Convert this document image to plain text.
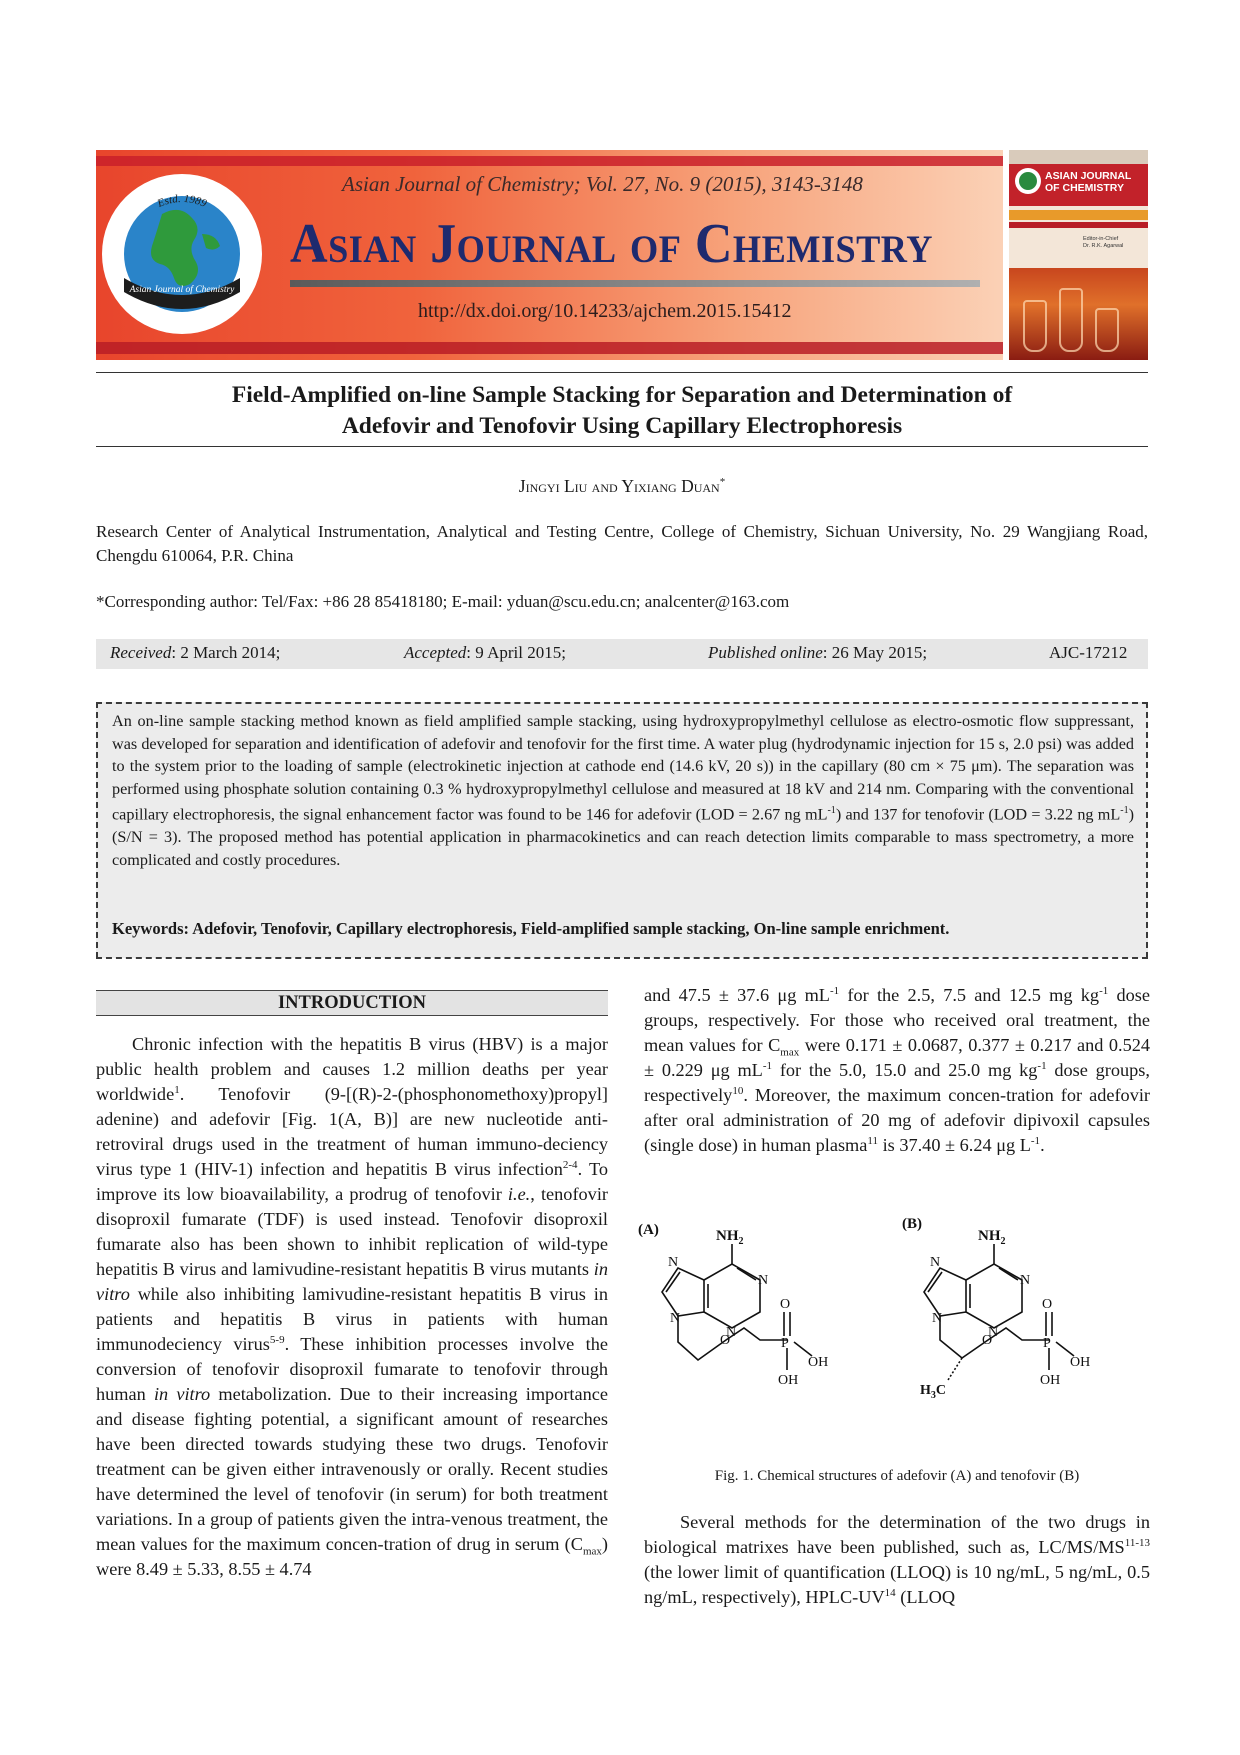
Estd. 1989
Asian Journal of Chemistry
Asian Journal of Chemistry; Vol. 27, No. 9 (2015), 3143-3148
Asian Journal of Chemistry
http://dx.doi.org/10.14233/ajchem.2015.15412
ASIAN JOURNAL
OF CHEMISTRY
Editor-in-Chief
Dr. R.K. Agarwal
Field-Amplified on-line Sample Stacking for Separation and Determination of
Adefovir and Tenofovir Using Capillary Electrophoresis
Jingyi Liu and Yixiang Duan*
Research Center of Analytical Instrumentation, Analytical and Testing Centre, College of Chemistry, Sichuan University, No. 29 Wangjiang Road, Chengdu 610064, P.R. China
*Corresponding author: Tel/Fax: +86 28 85418180; E-mail: yduan@scu.edu.cn; analcenter@163.com
Received: 2 March 2014;	Accepted: 9 April 2015;	Published online: 26 May 2015;	AJC-17212
An on-line sample stacking method known as field amplified sample stacking, using hydroxypropylmethyl cellulose as electro-osmotic flow suppressant, was developed for separation and identification of adefovir and tenofovir for the first time. A water plug (hydrodynamic injection for 15 s, 2.0 psi) was added to the system prior to the loading of sample (electrokinetic injection at cathode end (14.6 kV, 20 s)) in the capillary (80 cm × 75 μm). The separation was performed using phosphate solution containing 0.3 % hydroxypropylmethyl cellulose and measured at 18 kV and 214 nm. Comparing with the conventional capillary electrophoresis, the signal enhancement factor was found to be 146 for adefovir (LOD = 2.67 ng $mL^{-1}$) and 137 for tenofovir (LOD = 3.22 ng $mL^{-1}$) (S/N = 3). The proposed method has potential application in pharmacokinetics and can reach detection limits comparable to mass spectrometry, a more complicated and costly procedures.
Keywords: Adefovir, Tenofovir, Capillary electrophoresis, Field-amplified sample stacking, On-line sample enrichment.
INTRODUCTION

Chronic infection with the hepatitis B virus (HBV) is a major public health problem and causes 1.2 million deaths per year worldwide$^1$. Tenofovir (9-[(R)-2-(phosphonomethoxy)propyl] adenine) and adefovir [Fig. 1(A, B)] are new nucleotide anti-retroviral drugs used in the treatment of human immuno-deciency virus type 1 (HIV-1) infection and hepatitis B virus infection$^{2-4}$. To improve its low bioavailability, a prodrug of tenofovir i.e., tenofovir disoproxil fumarate (TDF) is used instead. Tenofovir disoproxil fumarate also has been shown to inhibit replication of wild-type hepatitis B virus and lamivudine-resistant hepatitis B virus mutants in vitro while also inhibiting lamivudine-resistant hepatitis B virus in patients and hepatitis B virus in patients with human immunodeciency virus$^{5-9}$. These inhibition processes involve the conversion of tenofovir disoproxil fumarate to tenofovir through human in vitro metabolization. Due to their increasing importance and disease fighting potential, a significant amount of researches have been directed towards studying these two drugs. Tenofovir treatment can be given either intravenously or orally. Recent studies have determined the level of tenofovir (in serum) for both treatment variations. In a group of patients given the intra-venous treatment, the mean values for the maximum concen-tration of drug in serum $(C_{max})$ were 8.49 ± 5.33, 8.55 ± 4.74

and 47.5 ± 37.6 μg $mL^{-1}$ for the 2.5, 7.5 and 12.5 mg $kg^{-1}$ dose groups, respectively. For those who received oral treatment, the mean values for $C_{max}$ were 0.171 ± 0.0687, 0.377 ± 0.217 and 0.524 ± 0.229 μg $mL^{-1}$ for the 5.0, 15.0 and 25.0 mg $kg^{-1}$ dose groups, respectively$^{10}$. Moreover, the maximum concen-tration for adefovir after oral administration of 20 mg of adefovir dipivoxil capsules (single dose) in human plasma$^{11}$ is 37.40 ± 6.24 μg $L^{-1}$.

(A)	$NH_2$
N
N
N
N
O
O
P
OH
OH
(B)
$NH_2$
N
N
N
N
O
O
P
OH
OH
$H_3C$
Fig. 1. Chemical structures of adefovir (A) and tenofovir (B)

Several methods for the determination of the two drugs in biological matrixes have been published, such as, LC/MS/MS$^{11-13}$ (the lower limit of quantification (LLOQ) is 10 ng/mL, 5 ng/mL, 0.5 ng/mL, respectively), HPLC-UV$^{14}$ (LLOQ
